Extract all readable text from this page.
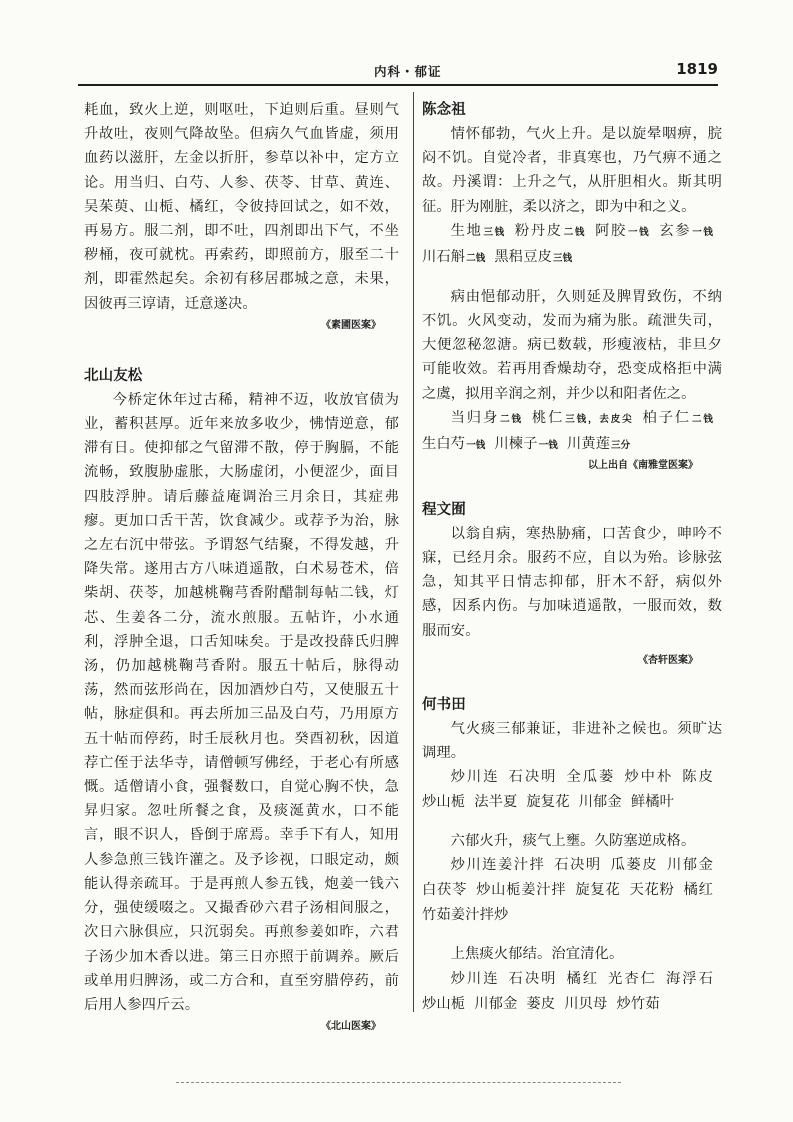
内科・郁证	1819

耗血，致火上逆，则呕吐，下迫则后重。昼则气升故吐，夜则气降故坠。但病久气血皆虚，须用血药以滋肝，左金以折肝，参草以补中，定方立论。用当归、白芍、人参、茯苓、甘草、黄连、吴茱萸、山栀、橘红，令彼持回试之，如不效，再易方。服二剂，即不吐，四剂即出下气，不坐秽桶，夜可就枕。再索药，即照前方，服至二十剂，即霍然起矣。余初有移居郡城之意，未果，因彼再三谆请，迁意遂决。

《素圃医案》

北山友松

今桥定休年过古稀，精神不迈，收放官债为业，蓄积甚厚。近年来放多收少，怫情逆意，郁滞有日。使抑郁之气留滞不散，停于胸膈，不能流畅，致腹胁虚胀，大肠虚闭，小便涩少，面目四肢浮肿。请后藤益庵调治三月余日，其症弗瘳。更加口舌干苦，饮食减少。或荐予为治，脉之左右沉中带弦。予谓怒气结聚，不得发越，升降失常。遂用古方八味逍遥散，白术易苍术，倍柴胡、茯苓，加越桃鞠芎香附醋制每帖二钱，灯芯、生姜各二分，流水煎服。五帖许，小水通利，浮肿全退，口舌知味矣。于是改投薛氏归脾汤，仍加越桃鞠芎香附。服五十帖后，脉得动荡，然而弦形尚在，因加酒炒白芍，又使服五十帖，脉症俱和。再去所加三品及白芍，乃用原方五十帖而停药，时壬辰秋月也。癸酉初秋，因道荐亡侄于法华寺，请僧顿写佛经，于老心有所感慨。适僧请小食，强餐数口，自觉心胸不快，急昇归家。忽吐所餐之食，及痰涎黄水，口不能言，眼不识人，昏倒于席焉。幸手下有人，知用人参急煎三钱许灌之。及予诊视，口眼定动，颇能认得亲疏耳。于是再煎人参五钱，炮姜一钱六分，强使缓啜之。又撮香砂六君子汤相间服之，次日六脉俱应，只沉弱矣。再煎参姜如昨，六君子汤少加木香以进。第三日亦照于前调养。厥后或单用归脾汤，或二方合和，直至穷腊停药，前后用人参四斤云。

《北山医案》

陈念祖

情怀郁勃，气火上升。是以旋晕咽痹，脘闷不饥。自觉冷者，非真寒也，乃气痹不通之故。丹溪谓：上升之气，从肝胆相火。斯其明征。肝为刚脏，柔以济之，即为中和之义。

生地三钱 粉丹皮二钱 阿胶一钱 玄参一钱川石斛二钱 黑稆豆皮三钱

病由悒郁动肝，久则延及脾胃致伤，不纳不饥。火风变动，发而为痛为胀。疏泄失司，大便忽秘忽溏。病已数载，形瘦液枯，非旦夕可能收效。若再用香燥劫夺，恐变成格拒中满之虞，拟用辛润之剂，并少以和阳者佐之。

当归身二钱 桃仁三钱，去皮尖 柏子仁二钱生白芍一钱 川楝子一钱 川黄莲三分

以上出自《南雅堂医案》

程文囿

以翁自病，寒热胁痛，口苦食少，呻吟不寐，已经月余。服药不应，自以为殆。诊脉弦急，知其平日情志抑郁，肝木不舒，病似外感，因系内伤。与加味逍遥散，一服而效，数服而安。

《杏轩医案》

何书田

气火痰三郁兼证，非进补之候也。须旷达调理。

炒川连 石决明 全瓜蒌 炒中朴 陈皮炒山栀 法半夏 旋复花 川郁金 鲜橘叶

六郁火升，痰气上壅。久防塞逆成格。

炒川连姜汁拌 石决明 瓜蒌皮 川郁金白茯苓 炒山栀姜汁拌 旋复花 天花粉 橘红竹茹姜汁拌炒

上焦痰火郁结。治宜清化。

炒川连 石决明 橘红 光杏仁 海浮石炒山栀 川郁金 蒌皮 川贝母 炒竹茹
